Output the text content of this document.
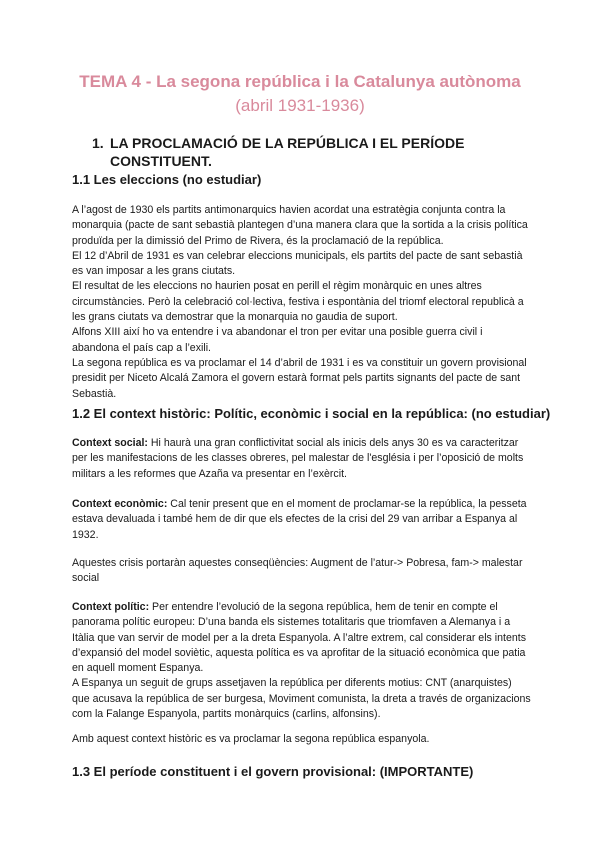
TEMA 4 - La segona república i la Catalunya autònoma
(abril 1931-1936)
1. LA PROCLAMACIÓ DE LA REPÚBLICA I EL PERÍODE CONSTITUENT.
1.1 Les eleccions (no estudiar)
A l’agost de 1930 els partits antimonarquics havien acordat una estratègia conjunta contra la monarquia (pacte de sant sebastià plantegen d’una manera clara que la sortida a la crisis política produïda per la dimissió del Primo de Rivera, és la proclamació de la república.
El 12 d’Abril de 1931 es van celebrar eleccions municipals, els partits del pacte de sant sebastià es van imposar a les grans ciutats.
El resultat de les eleccions no haurien posat en perill el règim monàrquic en unes altres circumstàncies. Però la celebració col·lectiva, festiva i espontània del triomf electoral republicà a les grans ciutats va demostrar que la monarquia no gaudia de suport.
Alfons XIII així ho va entendre i va abandonar el tron per evitar una posible guerra civil i abandona el país cap a l’exili.
La segona república es va proclamar el 14 d’abril de 1931 i es va constituir un govern provisional presidit per Niceto Alcalá Zamora el govern estarà format pels partits signants del pacte de sant Sebastià.
1.2 El context històric: Polític, econòmic i social en la república: (no estudiar)
Context social: Hi haurà una gran conflictivitat social als inicis dels anys 30 es va caracteritzar per les manifestacions de les classes obreres, pel malestar de l'església i per l’oposició de molts militars a les reformes que Azaña va presentar en l’exèrcit.
Context econòmic: Cal tenir present que en el moment de proclamar-se la república, la pesseta estava devaluada i també hem de dir que els efectes de la crisi del 29 van arribar a Espanya al 1932.
Aquestes crisis portaràn aquestes conseqüències: Augment de l’atur-> Pobresa, fam-> malestar social
Context polític: Per entendre l’evolució de la segona república, hem de tenir en compte el panorama polític europeu: D’una banda els sistemes totalitaris que triomfaven a Alemanya i a Itàlia que van servir de model per a la dreta Espanyola. A l’altre extrem, cal considerar els intents d’expansió del model soviètic, aquesta política es va aprofitar de la situació econòmica que patia en aquell moment Espanya.
A Espanya un seguit de grups assetjaven la república per diferents motius: CNT (anarquistes) que acusava la república de ser burgesa, Moviment comunista, la dreta a través de organizacions com la Falange Espanyola, partits monàrquics (carlins, alfonsins).
Amb aquest context històric es va proclamar la segona república espanyola.
1.3 El període constituent i el govern provisional: (IMPORTANTE)
